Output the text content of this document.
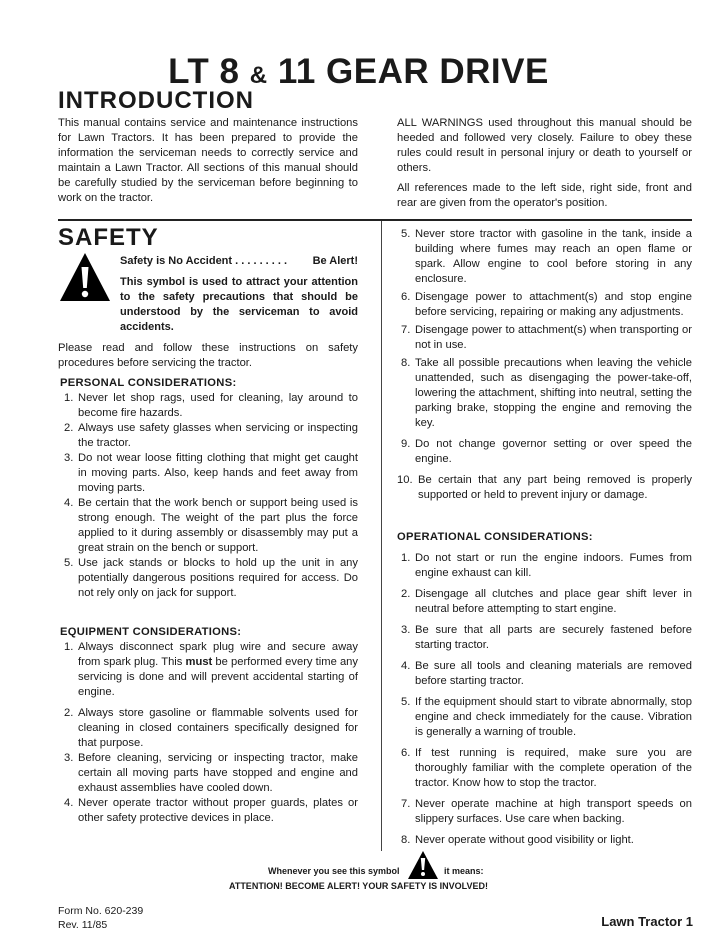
LT 8 & 11 GEAR DRIVE
INTRODUCTION
This manual contains service and maintenance instructions for Lawn Tractors. It has been prepared to provide the information the serviceman needs to correctly service and maintain a Lawn Tractor. All sections of this manual should be carefully studied by the serviceman before beginning to work on the tractor.
ALL WARNINGS used throughout this manual should be heeded and followed very closely. Failure to obey these rules could result in personal injury or death to yourself or others.
All references made to the left side, right side, front and rear are given from the operator's position.
SAFETY
Safety is No Accident . . . . . . . . . Be Alert!
This symbol is used to attract your attention to the safety precautions that should be understood by the serviceman to avoid accidents.
Please read and follow these instructions on safety procedures before servicing the tractor.
PERSONAL CONSIDERATIONS:
1. Never let shop rags, used for cleaning, lay around to become fire hazards.
2. Always use safety glasses when servicing or inspecting the tractor.
3. Do not wear loose fitting clothing that might get caught in moving parts. Also, keep hands and feet away from moving parts.
4. Be certain that the work bench or support being used is strong enough. The weight of the part plus the force applied to it during assembly or disassembly may put a great strain on the bench or support.
5. Use jack stands or blocks to hold up the unit in any potentially dangerous positions required for access. Do not rely only on jack for support.
EQUIPMENT CONSIDERATIONS:
1. Always disconnect spark plug wire and secure away from spark plug. This must be performed every time any servicing is done and will prevent accidental starting of engine.
2. Always store gasoline or flammable solvents used for cleaning in closed containers specifically designed for that purpose.
3. Before cleaning, servicing or inspecting tractor, make certain all moving parts have stopped and engine and exhaust assemblies have cooled down.
4. Never operate tractor without proper guards, plates or other safety protective devices in place.
5. Never store tractor with gasoline in the tank, inside a building where fumes may reach an open flame or spark. Allow engine to cool before storing in any enclosure.
6. Disengage power to attachment(s) and stop engine before servicing, repairing or making any adjustments.
7. Disengage power to attachment(s) when transporting or not in use.
8. Take all possible precautions when leaving the vehicle unattended, such as disengaging the power-take-off, lowering the attachment, shifting into neutral, setting the parking brake, stopping the engine and removing the key.
9. Do not change governor setting or over speed the engine.
10. Be certain that any part being removed is properly supported or held to prevent injury or damage.
OPERATIONAL CONSIDERATIONS:
1. Do not start or run the engine indoors. Fumes from engine exhaust can kill.
2. Disengage all clutches and place gear shift lever in neutral before attempting to start engine.
3. Be sure that all parts are securely fastened before starting tractor.
4. Be sure all tools and cleaning materials are removed before starting tractor.
5. If the equipment should start to vibrate abnormally, stop engine and check immediately for the cause. Vibration is generally a warning of trouble.
6. If test running is required, make sure you are thoroughly familiar with the complete operation of the tractor. Know how to stop the tractor.
7. Never operate machine at high transport speeds on slippery surfaces. Use care when backing.
8. Never operate without good visibility or light.
Whenever you see this symbol	it means:
ATTENTION! BECOME ALERT! YOUR SAFETY IS INVOLVED!
Form No. 620-239
Rev. 11/85	Lawn Tractor 1
